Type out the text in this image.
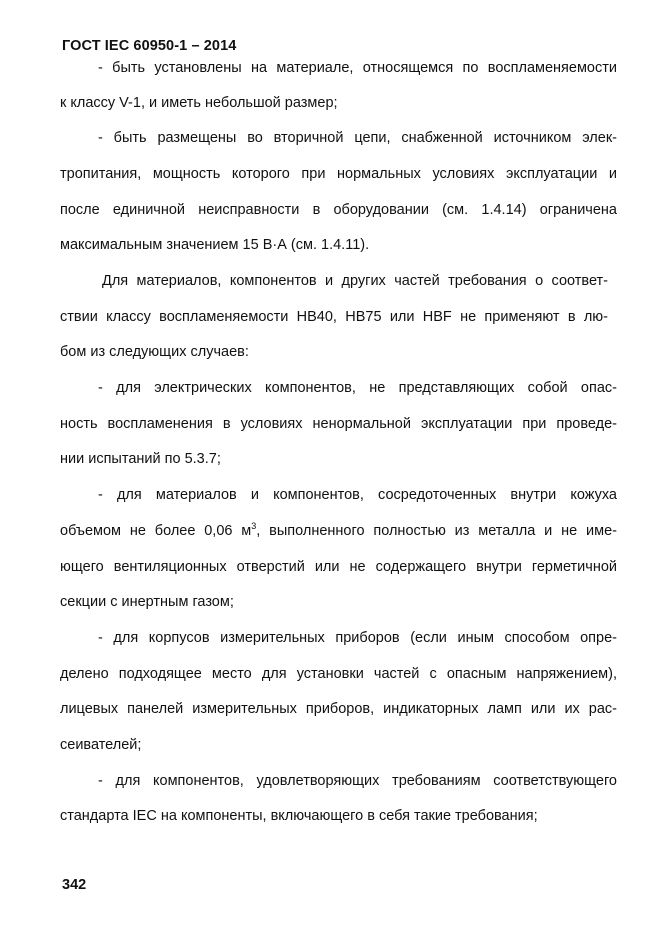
ГОСТ IEC 60950-1 – 2014
- быть установлены на материале, относящемся по воспламеняемости
к классу V-1, и иметь небольшой размер;
- быть размещены во вторичной цепи, снабженной источником элек-
тропитания, мощность которого при нормальных условиях эксплуатации и
после единичной неисправности в оборудовании (см. 1.4.14) ограничена
максимальным значением 15 В·А (см. 1.4.11).
Для материалов, компонентов и других частей требования о соответ-
ствии классу воспламеняемости HB40, HB75 или HBF не применяют в лю-
бом из следующих случаев:
- для электрических компонентов, не представляющих собой опас-
ность воспламенения в условиях ненормальной эксплуатации при проведе-
нии испытаний по 5.3.7;
- для материалов и компонентов, сосредоточенных внутри кожуха
объемом не более 0,06 $м^3$, выполненного полностью из металла и не име-
ющего вентиляционных отверстий или не содержащего внутри герметичной
секции с инертным газом;
- для корпусов измерительных приборов (если иным способом опре-
делено подходящее место для установки частей с опасным напряжением),
лицевых панелей измерительных приборов, индикаторных ламп или их рас-
сеивателей;
- для компонентов, удовлетворяющих требованиям соответствующего
стандарта IEC на компоненты, включающего в себя такие требования;
342
